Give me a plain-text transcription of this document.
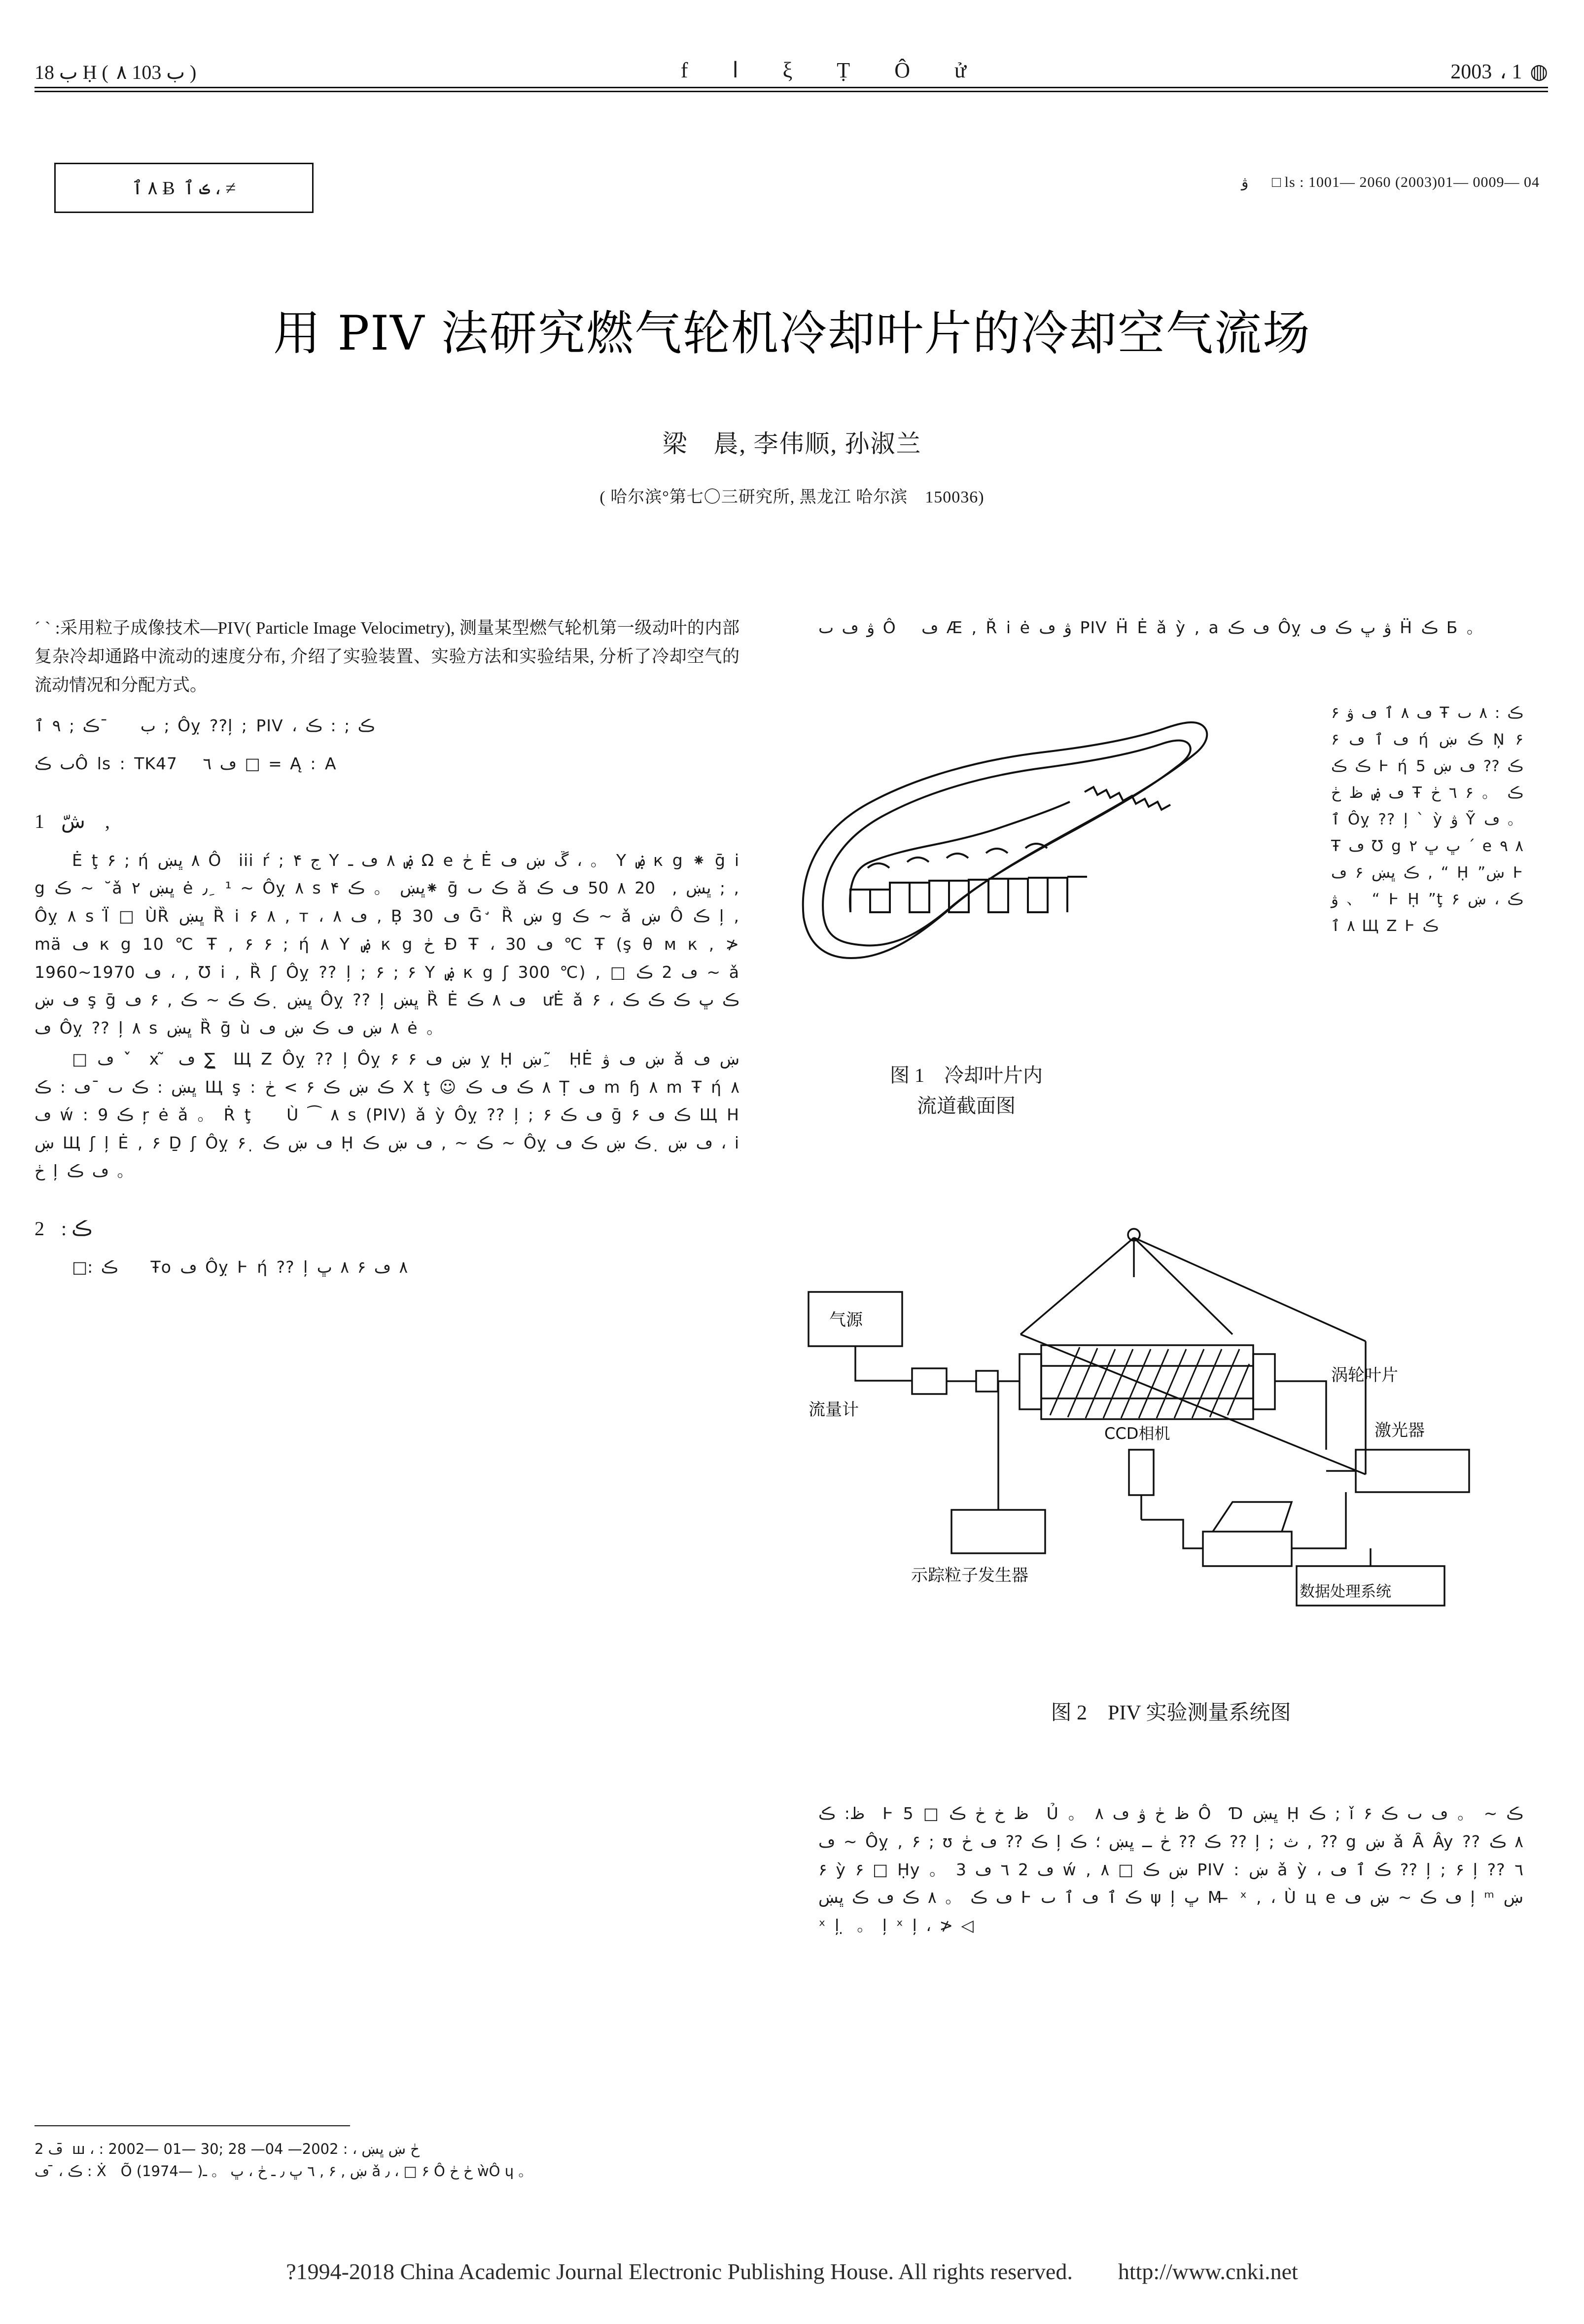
ب 18 Ḥ ( ب 103 ٨ )	f ا ξ Ṭ Ô ử	2003 ، 1 ◍
٨ ٱ Ƀ ڪ ٱ ، ≠	ۋ □ ls : 1001— 2060 (2003)01— 0009— 04
用 PIV 法研究燃气轮机冷却叶片的冷却空气流场
梁　晨, 李伟顺, 孙淑兰
( 哈尔滨°第七〇三研究所, 黑龙江 哈尔滨　150036)
´ ` :采用粒子成像技术—PIV( Particle Image Velocimetry), 测量某型燃气轮机第一级动叶的内部复杂冷却通路中流动的速度分布, 介绍了实验装置、实验方法和实验结果, 分析了冷却空气的流动情况和分配方式。
ب 　 ̄ ڪ ; ٩ ٱ ; Ôỵ ??ļ ; PIV ، ڪ ; : ڪ
ٮ ڪÔ ls : TK47 　ڡ ٦ □ = Ą : A
1 شّ　,
Ė ţ ۶ ; ή ٨ ڀښ Ô　iii ŕ ; ج ۴ Y ۻ ٨ ڡ ـ Ω e ڂ Ė ڱ ښ ڡ ، 。 Y ۻ к g ⁕ ḡ i g ڪ ~ ﬞ ǎ ڀښ ٢ ė ٫ ِ ¹ ~ Ôỵ ٨ s ڀښ 。 ڪ ۴⁕ ḡ ڪ ٮ ǎ ڀښ ,　20 ٨ 50 ڡ ڪ ; , Ôỵ ٨ s Ϊ̈ □ ÙȐ ڀښ Ȑ i ۶ ٨ , т ، ڡ ٨ , Ḅ 30 ڡ Ḡ ̛ Ȑ ښ g ڪ ~ ǎ ښ Ô ڪ ļ , mä ڡ к g 10 ℃ Ŧ , ۶ ۶ ; ή ٨ Y ۻ к g ڂ Ɖ Ŧ ، ڡ 30 ℃ Ŧ (ş θ м к , ≯ 1960~1970 ڡ ، , Ʊ i , Ȑ ʃ Ôỵ ?? ļ ; ۶ ; ۶ Y ۻ к g ʃ 300 ℃) , □ ڡ 2 ڪ ~ ǎ ڡ ښ ş ḡ ڀښ ̣ ڪ ڪ ~ ڪ , ۶ ڡ Ôỵ ?? ļ ڀښ Ȑ Ė ڡ ٨ ڪ　ưĖ ǎ ڪ ڀ ڪ ڪ ڪ ، ۶ ڡ Ôỵ ?? ļ ٨ s ڀښ Ȑ ḡ ù ٨ ښ ڡ ڪ ښ ڡ ė 。
□ ڡ ` ̌ x ̃ ڡ ∑ ̲ Щ Z Ôỵ ?? ļ Ôỵ ۶ ښ ڡ ۶ ỵ Ḥ ښ ِ ̃ ḤĖ ښ ڡ ۋ ǎ ښ ڡ ڀښ : ڪ ٮ ̄ ڡ : ڪ Щ ş : ڪ ښ ڪ ۶ > ڂ X ţ ☺ ٨ ڪ ڡ ڪ Ṭ ڡ m ɧ ٨ m Ŧ ή ٨ ڡ ẃ : ڪ 9 ŗ ė ǎ 。 Ṙ ţ 　 Ù ⁀ ٨ s (PIV) ǎ ỳ Ôỵ ?? ļ ; ۶ ڡ ڪ ḡ ڪ ڡ ۶ Щ Н ښ Щ ʃ ļ Ė , ۶ Ḏ ʃ Ôỵ ڡ ښ ڪ ̣ ۶ Ḥ ڪ ~ , ڡ ښ ڪ ~ Ôỵ ڡ ښ ̣ ڪ ښ ڪ ڡ ، i ڂ ļ ڡ ڪ 。
2 : ڪ
□: ڪ 　 Ŧo ڡ Ôỵ Ⱶ ή ?? ļ ٨ ڡ ۶ ٨ ڀ
ۋ ڡ ٮ Ô 　ڡ Æ , Ř i ė ۋ ڡ PIV Ḧ Ė ǎ ỳ , a ڡ ڪ Ôỵ ۋ ڀ ڪ ڡ Ḧ ڪ Ƃ 。
图 1　冷却叶片内
流道截面图
ڡ ٨ ٱ ڡ ۋ ۶ Ŧ ڪ : ٨ ٮ ڡ ٱ ڡ ۶ ή ڪ ښ Ņ ۶ ڪ ڪ Ⱶ ή ڪ ?? ڡ ښ 5 ڡ ۻ ظ ڂ Ŧ ڪ 。 ۶ ٦ ڂ ٱ Ôỵ ?? ļ ` ỳ ۋ Ỹ ڡ 。 Ŧ ڡ Ʊ g ڀ ڀ ۲ ´ e ٨ ٩ , ڪ ڀښ ۶ ڡ “ Ḥ ”ښ Ⱶ ۋ 、 “ Ⱶ Ḥ ”ţ ۶ ڪ ، ښ ٨ ٱ Щ Z Ⱶ ڪ
气源
流量计
涡轮叶片
激光器
CCD相机
示踪粒子发生器
数据处理系统
图 2　PIV 实验测量系统图
ظ: ڪ　Ⱶ 5 □ ظ خ ڂ ڪ　Ủ 。 ظ ڂ ۋ ڡ ٨ Ô　Ɗ ڀښ Ḥ ڪ ; ǐ ڪ ~ 。 ڡ ٮ ڪ ۶ ڡ ~ Ôỵ , ۶ ; ʊ ڪ ?? ڡ ڂ ļ ڪ ?? ڂ ــ ڀښ ؛ ڪ ?? ļ ; ث , ?? g ښ ǎ Ȃ Ây ?? ٨ ڪ ۶ ỳ ۶ □ Ḥy 。 ڡ 2 ٦ ڡ 3 ẃ , ښ ڪ □ ٨ PIV : ښ ǎ ỳ ، ڪ ٱ ڡ ?? ļ ; ۶ ļ ?? ٦ ڡ ڪ 。 ٨ ڪ ڡ ڪ ڀښ Ⱶ ڪ ٱ ڡ ٱ ٮ ψ ļ ڀ M ̶ ˣ , ، Ù ц e ڡ ڪ ~ ښ ڡ ļ ᵐ ښ ˣ ļ ̣ 。 ļ ˣ ļ ، ≯ ◁
2 ڡ ̄ ш ، : 2002— 01— 30; ڂ ښ ڀښ ، : 2002— 04— 28
ڪ ، ̄ ڡ : Ẋ　Õ (1974— )ښ , ۶ , ٦ ڀ ٫ ـ ڂ ، ڀ 。 ـ ǎ ٫ ، □ ۶ Ô ڂ ڂ ẁÔ ɥ 。
?1994-2018 China Academic Journal Electronic Publishing House. All rights reserved.　　http://www.cnki.net
